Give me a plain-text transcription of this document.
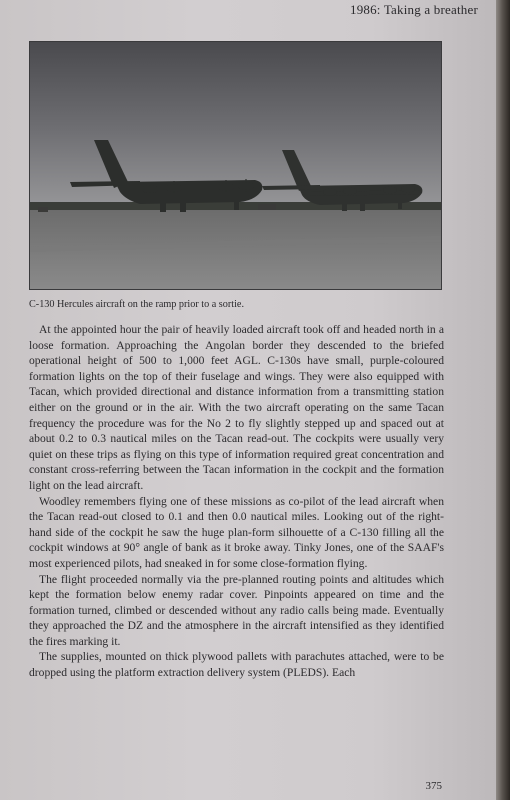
1986: Taking a breather
C-130 Hercules aircraft on the ramp prior to a sortie.

At the appointed hour the pair of heavily loaded aircraft took off and headed north in a loose formation. Approaching the Angolan border they descended to the briefed operational height of 500 to 1,000 feet AGL. C-130s have small, purple-coloured formation lights on the top of their fuselage and wings. They were also equipped with Tacan, which provided directional and distance information from a transmitting station either on the ground or in the air. With the two aircraft operating on the same Tacan frequency the procedure was for the No 2 to fly slightly stepped up and spaced out at about 0.2 to 0.3 nautical miles on the Tacan read-out. The cockpits were usually very quiet on these trips as flying on this type of information required great concentration and constant cross-referring between the Tacan information in the cockpit and the formation light on the lead aircraft.

Woodley remembers flying one of these missions as co-pilot of the lead aircraft when the Tacan read-out closed to 0.1 and then 0.0 nautical miles. Looking out of the right-hand side of the cockpit he saw the huge plan-form silhouette of a C-130 filling all the cockpit windows at 90° angle of bank as it broke away. Tinky Jones, one of the SAAF's most experienced pilots, had sneaked in for some close-formation flying.

The flight proceeded normally via the pre-planned routing points and altitudes which kept the formation below enemy radar cover. Pinpoints appeared on time and the formation turned, climbed or descended without any radio calls being made. Eventually they approached the DZ and the atmosphere in the aircraft intensified as they identified the fires marking it.

The supplies, mounted on thick plywood pallets with parachutes attached, were to be dropped using the platform extraction delivery system (PLEDS). Each

375
